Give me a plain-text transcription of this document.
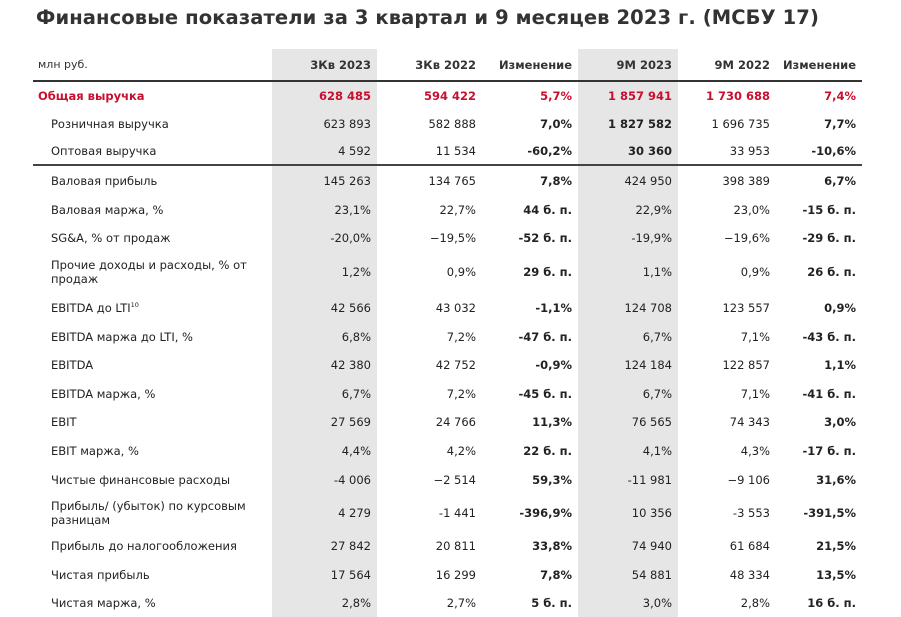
Финансовые показатели за 3 квартал и 9 месяцев 2023 г. (МСБУ 17)
млн руб.	3Кв 2023	3Кв 2022	Изменение	9М 2023	9М 2022	Изменение
Общая выручка	628 485	594 422	5,7%	1 857 941	1 730 688	7,4%
Розничная выручка	623 893	582 888	7,0%	1 827 582	1 696 735	7,7%
Оптовая выручка	4 592	11 534	-60,2%	30 360	33 953	-10,6%
Валовая прибыль	145 263	134 765	7,8%	424 950	398 389	6,7%
Валовая маржа, %	23,1%	22,7%	44 б. п.	22,9%	23,0%	-15 б. п.
SG&A, % от продаж	-20,0%	−19,5%	-52 б. п.	-19,9%	−19,6%	-29 б. п.
Прочие доходы и расходы, % от продаж	1,2%	0,9%	29 б. п.	1,1%	0,9%	26 б. п.
EBITDA до LTI$^{10}$	42 566	43 032	-1,1%	124 708	123 557	0,9%
EBITDA маржа до LTI, %	6,8%	7,2%	-47 б. п.	6,7%	7,1%	-43 б. п.
EBITDA	42 380	42 752	-0,9%	124 184	122 857	1,1%
EBITDA маржа, %	6,7%	7,2%	-45 б. п.	6,7%	7,1%	-41 б. п.
EBIT	27 569	24 766	11,3%	76 565	74 343	3,0%
EBIT маржа, %	4,4%	4,2%	22 б. п.	4,1%	4,3%	-17 б. п.
Чистые финансовые расходы	-4 006	−2 514	59,3%	-11 981	−9 106	31,6%
Прибыль/ (убыток) по курсовым разницам	4 279	-1 441	-396,9%	10 356	-3 553	-391,5%
Прибыль до налогообложения	27 842	20 811	33,8%	74 940	61 684	21,5%
Чистая прибыль	17 564	16 299	7,8%	54 881	48 334	13,5%
Чистая маржа, %	2,8%	2,7%	5 б. п.	3,0%	2,8%	16 б. п.
